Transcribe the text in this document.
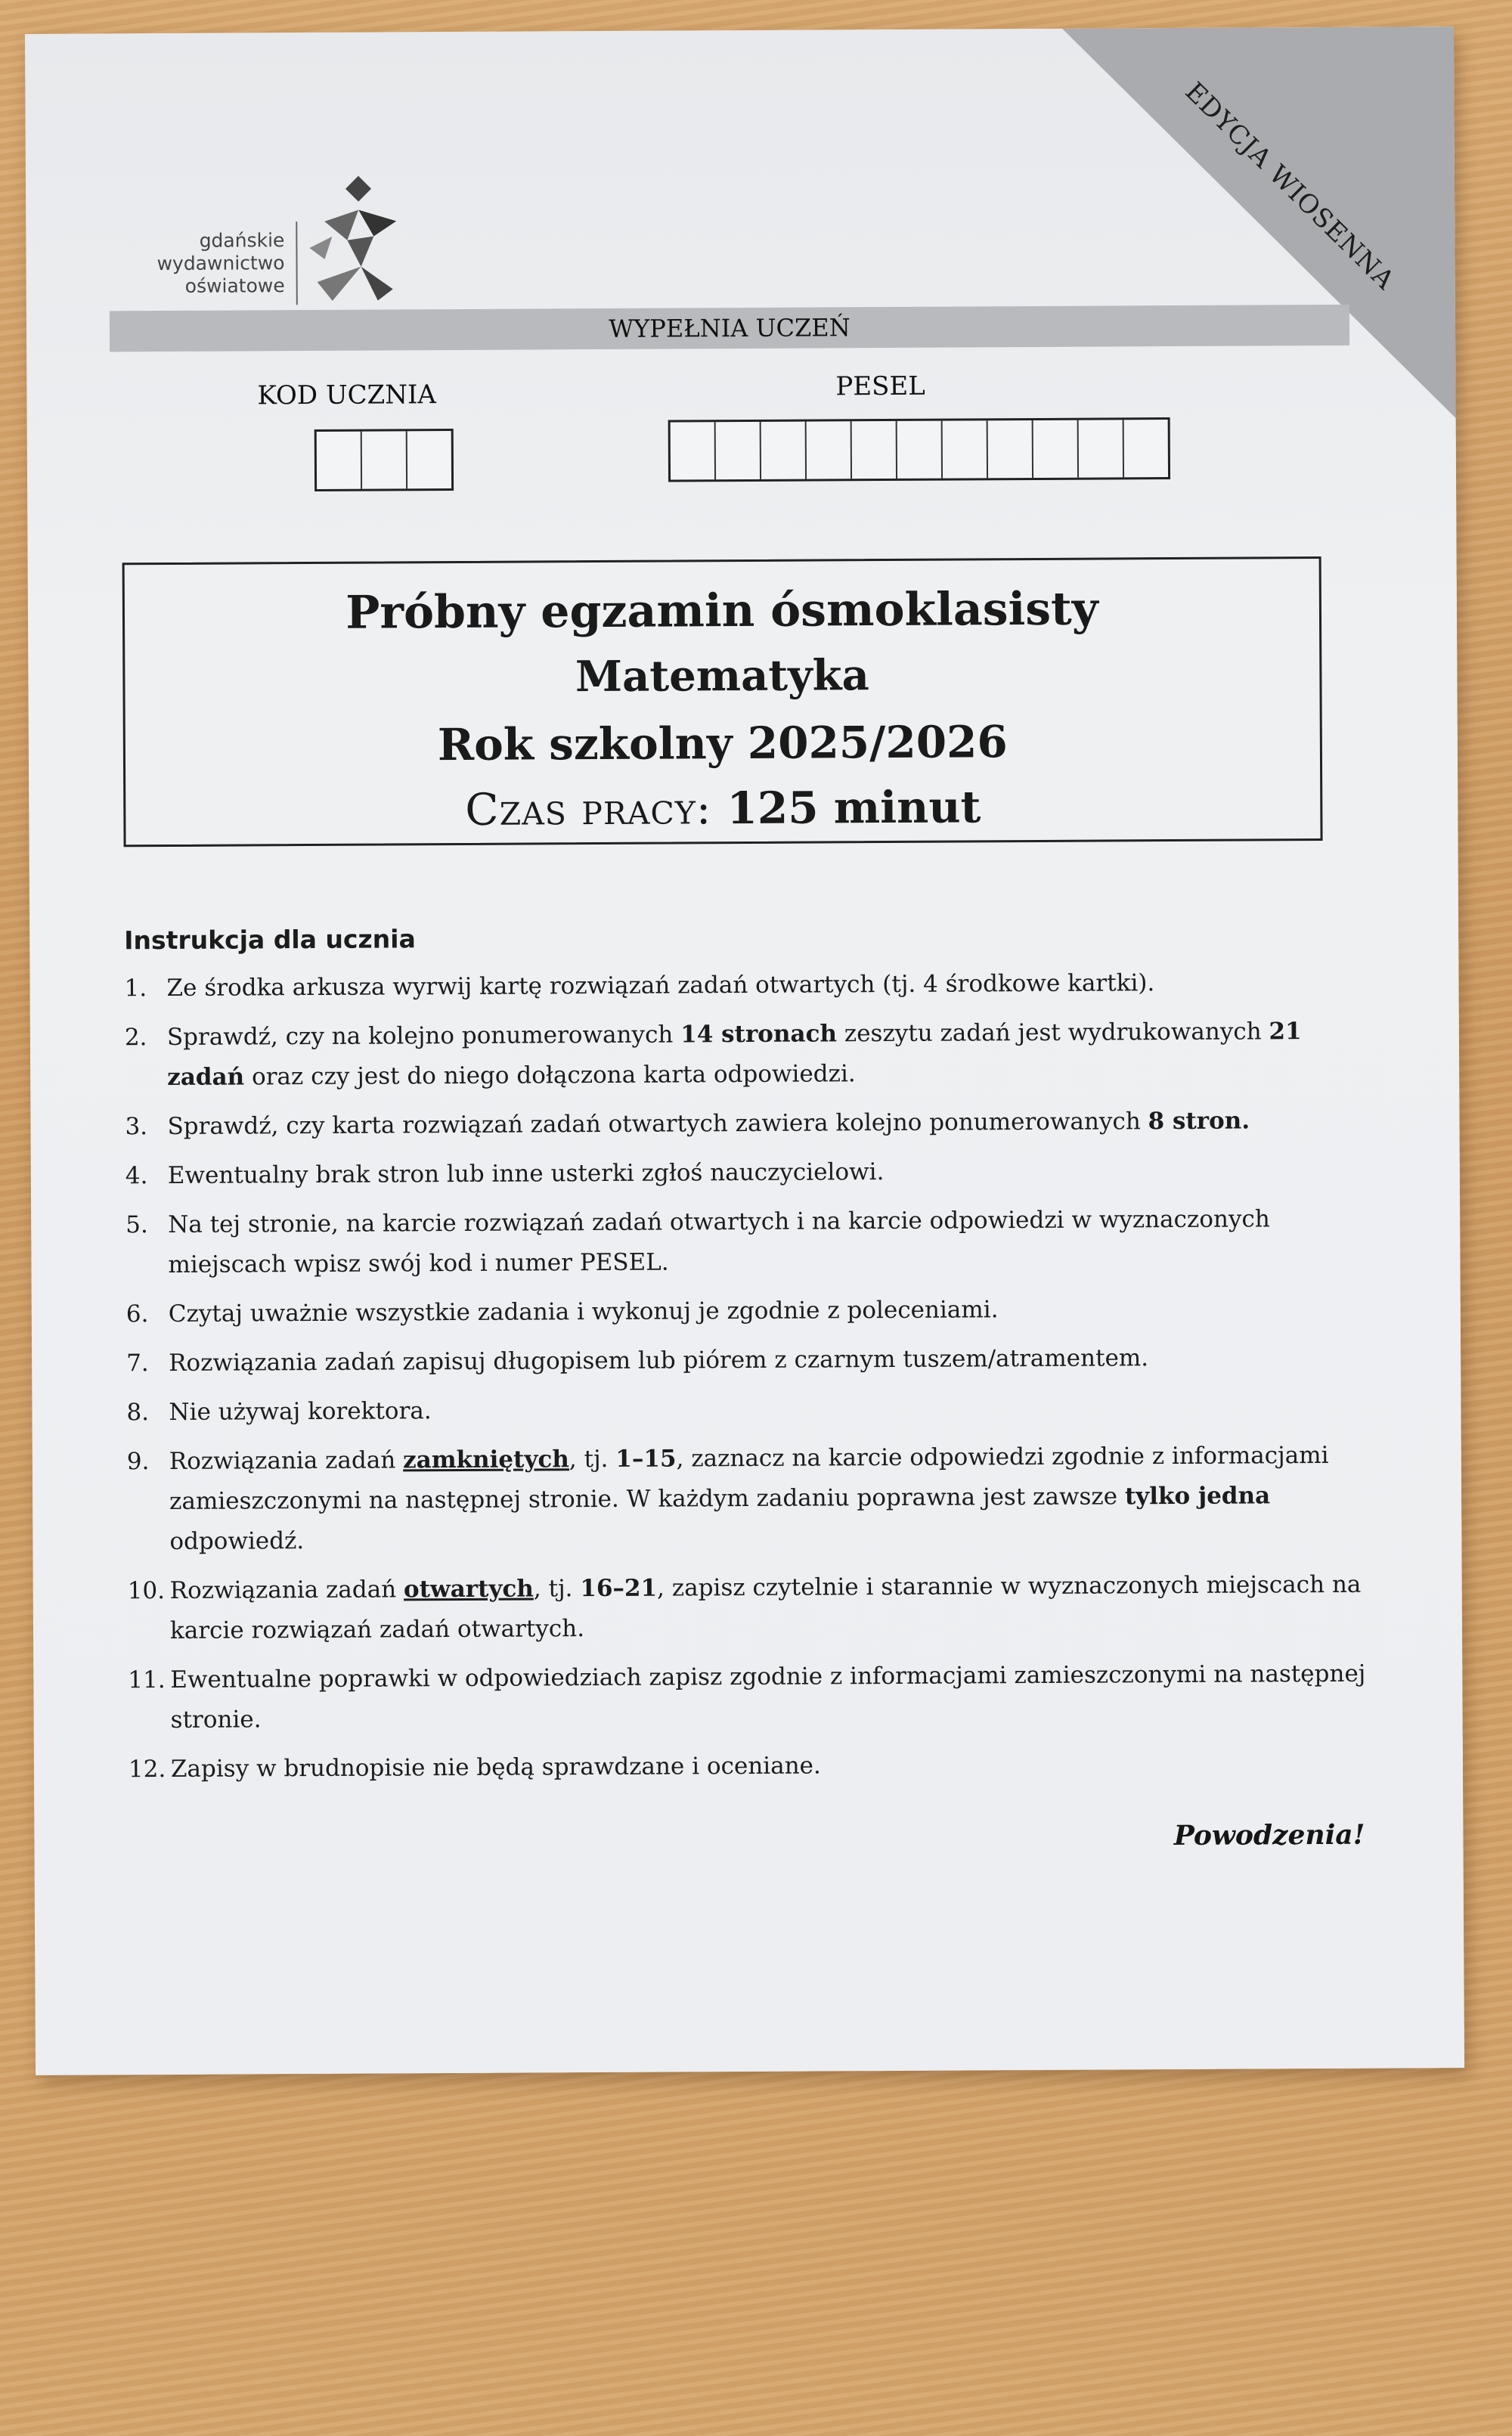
EDYCJA WIOSENNA
gdańskie
wydawnictwo
oświatowe
WYPEŁNIA UCZEŃ
KOD UCZNIA	PESEL
Próbny egzamin ósmoklasisty
Matematyka
Rok szkolny 2025/2026
Czas pracy: 125 minut
Instrukcja dla ucznia
1. Ze środka arkusza wyrwij kartę rozwiązań zadań otwartych (tj. 4 środkowe kartki).
2. Sprawdź, czy na kolejno ponumerowanych 14 stronach zeszytu zadań jest wydrukowanych 21 zadań oraz czy jest do niego dołączona karta odpowiedzi.
3. Sprawdź, czy karta rozwiązań zadań otwartych zawiera kolejno ponumerowanych 8 stron.
4. Ewentualny brak stron lub inne usterki zgłoś nauczycielowi.
5. Na tej stronie, na karcie rozwiązań zadań otwartych i na karcie odpowiedzi w wyznaczonych miejscach wpisz swój kod i numer PESEL.
6. Czytaj uważnie wszystkie zadania i wykonuj je zgodnie z poleceniami.
7. Rozwiązania zadań zapisuj długopisem lub piórem z czarnym tuszem/atramentem.
8. Nie używaj korektora.
9. Rozwiązania zadań zamkniętych, tj. 1–15, zaznacz na karcie odpowiedzi zgodnie z informacjami zamieszczonymi na następnej stronie. W każdym zadaniu poprawna jest zawsze tylko jedna odpowiedź.
10. Rozwiązania zadań otwartych, tj. 16–21, zapisz czytelnie i starannie w wyznaczonych miejscach na karcie rozwiązań zadań otwartych.
11. Ewentualne poprawki w odpowiedziach zapisz zgodnie z informacjami zamieszczonymi na następnej stronie.
12. Zapisy w brudnopisie nie będą sprawdzane i oceniane.
Powodzenia!
